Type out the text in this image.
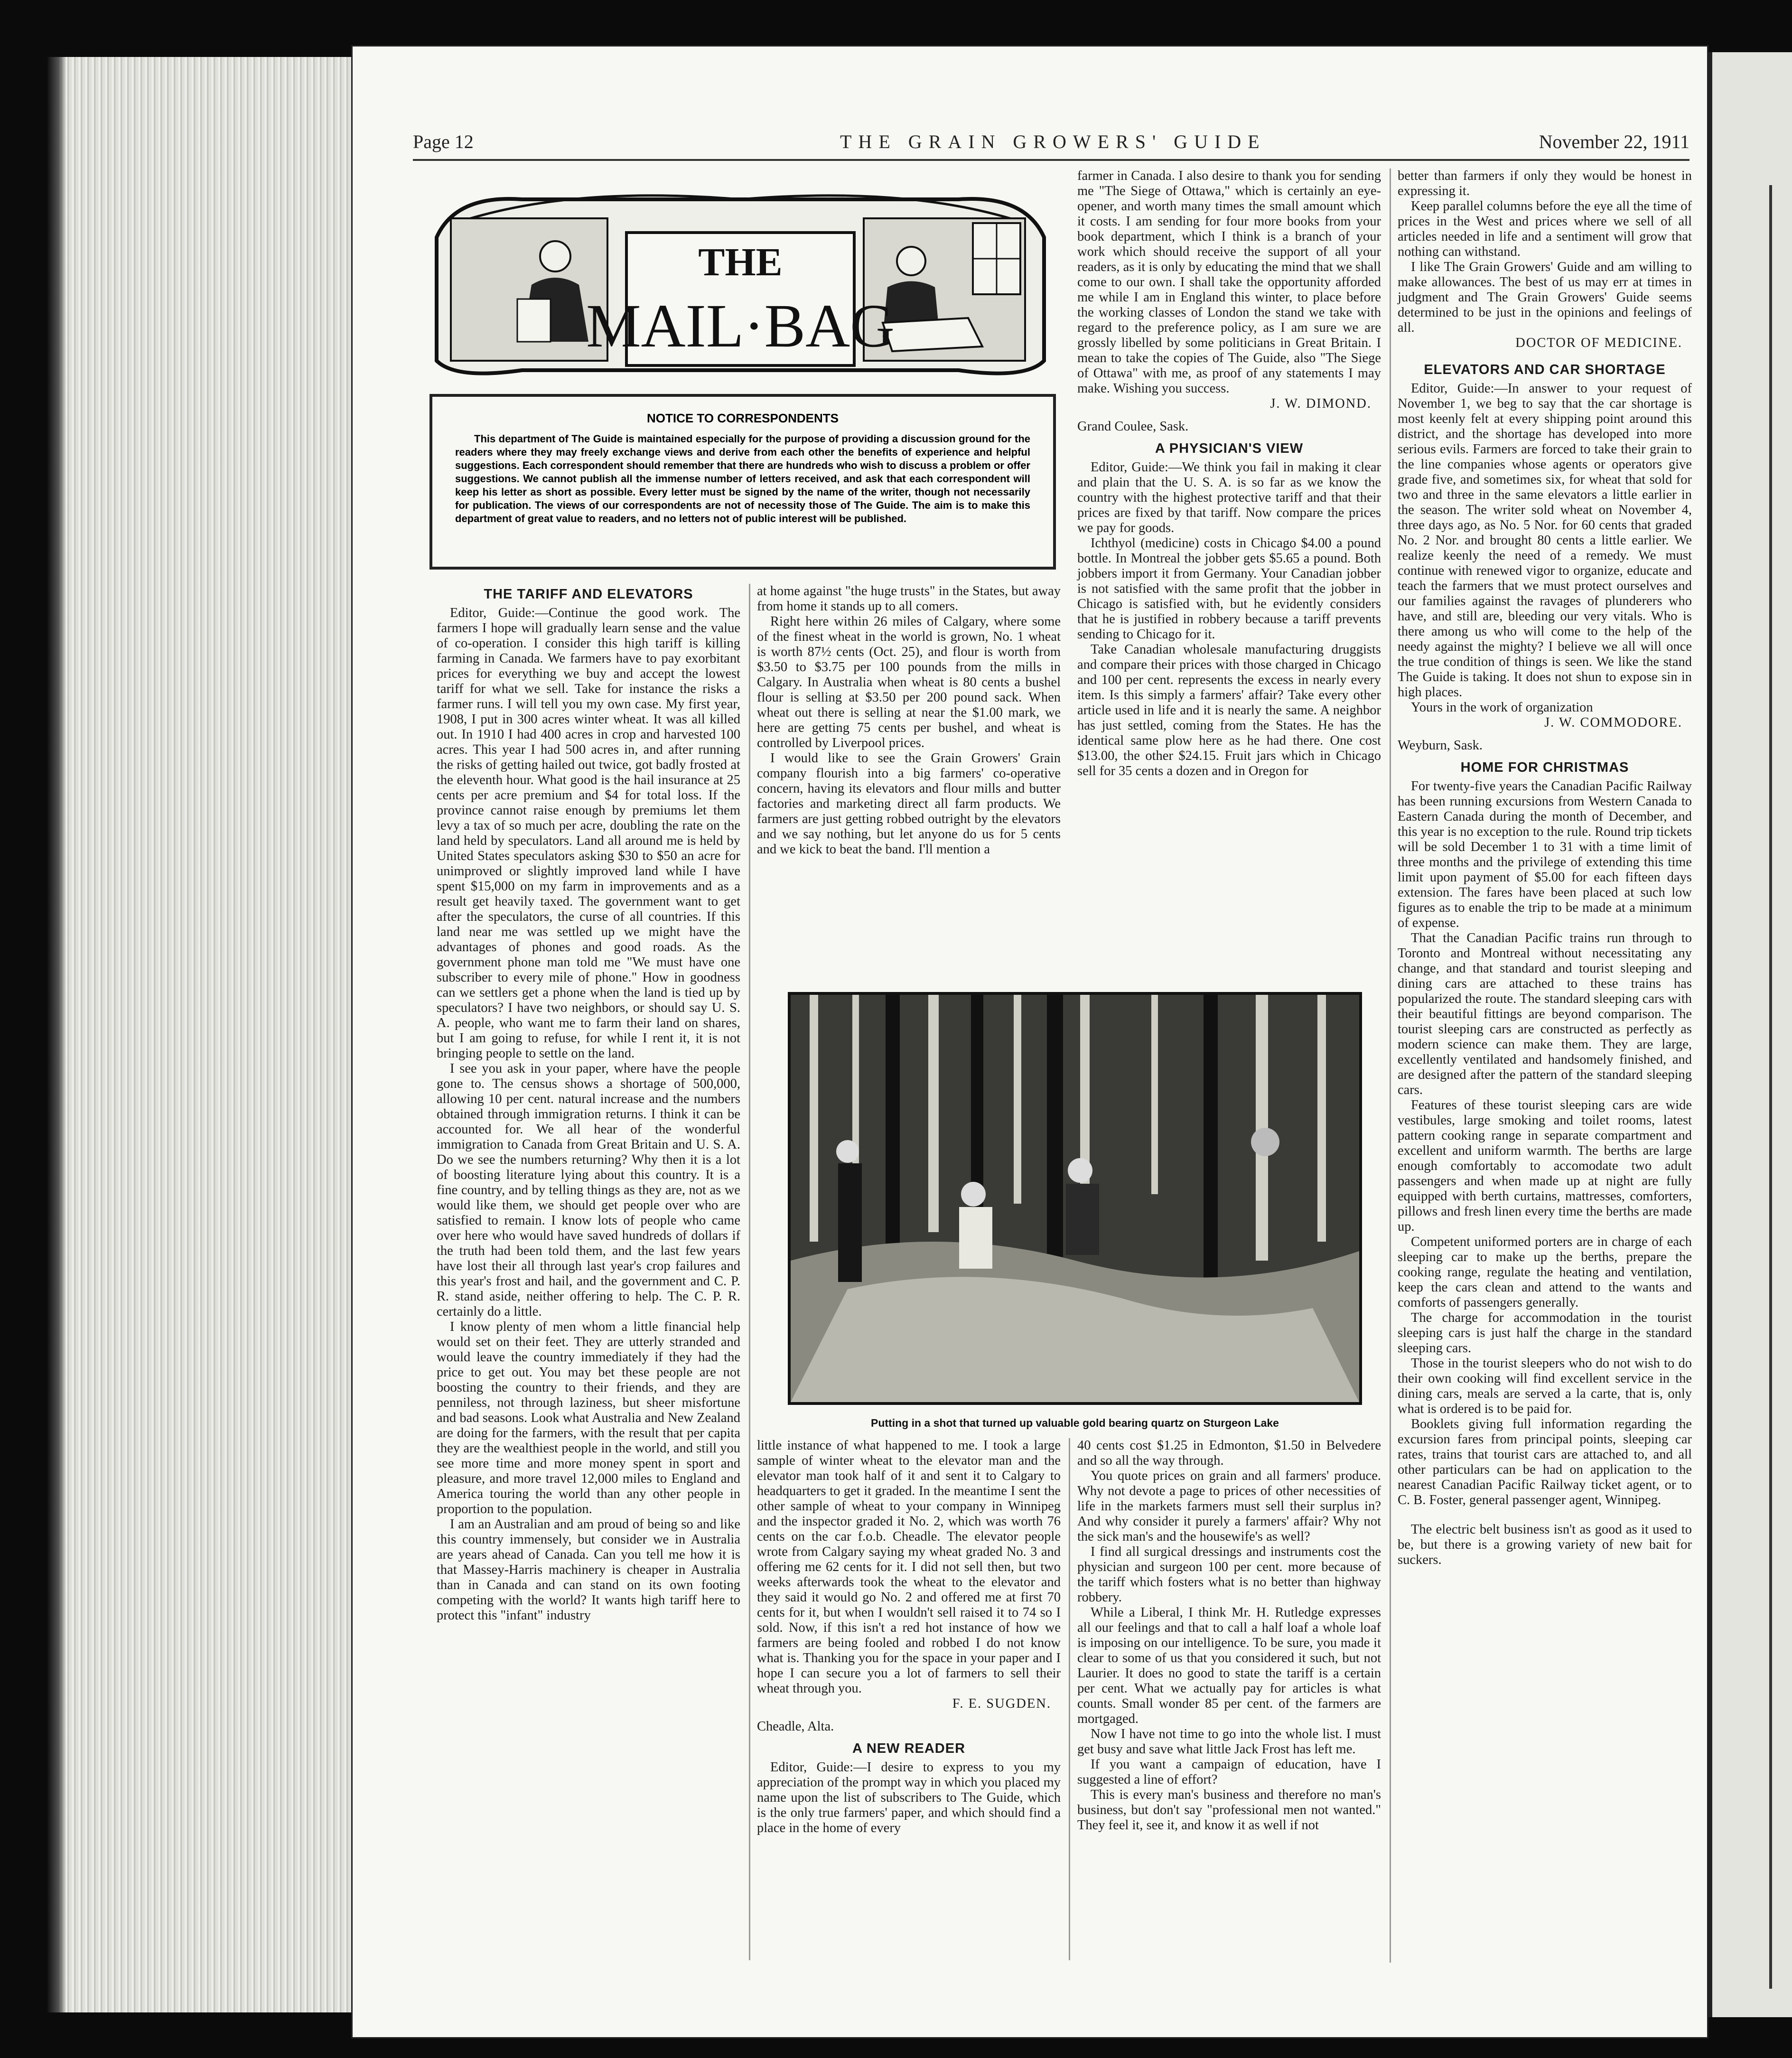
Page 12	THE GRAIN GROWERS' GUIDE	November 22, 1911
THE
MAIL·BAG
NOTICE TO CORRESPONDENTS

This department of The Guide is maintained especially for the purpose of providing a discussion ground for the readers where they may freely exchange views and derive from each other the benefits of experience and helpful suggestions. Each correspondent should remember that there are hundreds who wish to discuss a problem or offer suggestions. We cannot publish all the immense number of letters received, and ask that each correspondent will keep his letter as short as possible. Every letter must be signed by the name of the writer, though not necessarily for publication. The views of our correspondents are not of necessity those of The Guide. The aim is to make this department of great value to readers, and no letters not of public interest will be published.

THE TARIFF AND ELEVATORS

Editor, Guide:—Continue the good work. The farmers I hope will gradually learn sense and the value of co-operation. I consider this high tariff is killing farming in Canada. We farmers have to pay exorbitant prices for everything we buy and accept the lowest tariff for what we sell. Take for instance the risks a farmer runs. I will tell you my own case. My first year, 1908, I put in 300 acres winter wheat. It was all killed out. In 1910 I had 400 acres in crop and harvested 100 acres. This year I had 500 acres in, and after running the risks of getting hailed out twice, got badly frosted at the eleventh hour. What good is the hail insurance at 25 cents per acre premium and $4 for total loss. If the province cannot raise enough by premiums let them levy a tax of so much per acre, doubling the rate on the land held by speculators. Land all around me is held by United States speculators asking $30 to $50 an acre for unimproved or slightly improved land while I have spent $15,000 on my farm in improvements and as a result get heavily taxed. The government want to get after the speculators, the curse of all countries. If this land near me was settled up we might have the advantages of phones and good roads. As the government phone man told me "We must have one subscriber to every mile of phone." How in goodness can we settlers get a phone when the land is tied up by speculators? I have two neighbors, or should say U. S. A. people, who want me to farm their land on shares, but I am going to refuse, for while I rent it, it is not bringing people to settle on the land.

I see you ask in your paper, where have the people gone to. The census shows a shortage of 500,000, allowing 10 per cent. natural increase and the numbers obtained through immigration returns. I think it can be accounted for. We all hear of the wonderful immigration to Canada from Great Britain and U. S. A. Do we see the numbers returning? Why then it is a lot of boosting literature lying about this country. It is a fine country, and by telling things as they are, not as we would like them, we should get people over who are satisfied to remain. I know lots of people who came over here who would have saved hundreds of dollars if the truth had been told them, and the last few years have lost their all through last year's crop failures and this year's frost and hail, and the government and C. P. R. stand aside, neither offering to help. The C. P. R. certainly do a little.

I know plenty of men whom a little financial help would set on their feet. They are utterly stranded and would leave the country immediately if they had the price to get out. You may bet these people are not boosting the country to their friends, and they are penniless, not through laziness, but sheer misfortune and bad seasons. Look what Australia and New Zealand are doing for the farmers, with the result that per capita they are the wealthiest people in the world, and still you see more time and more money spent in sport and pleasure, and more travel 12,000 miles to England and America touring the world than any other people in proportion to the population.

I am an Australian and am proud of being so and like this country immensely, but consider we in Australia are years ahead of Canada. Can you tell me how it is that Massey-Harris machinery is cheaper in Australia than in Canada and can stand on its own footing competing with the world? It wants high tariff here to protect this "infant" industry

at home against "the huge trusts" in the States, but away from home it stands up to all comers.

Right here within 26 miles of Calgary, where some of the finest wheat in the world is grown, No. 1 wheat is worth 87½ cents (Oct. 25), and flour is worth from $3.50 to $3.75 per 100 pounds from the mills in Calgary. In Australia when wheat is 80 cents a bushel flour is selling at $3.50 per 200 pound sack. When wheat out there is selling at near the $1.00 mark, we here are getting 75 cents per bushel, and wheat is controlled by Liverpool prices.

I would like to see the Grain Growers' Grain company flourish into a big farmers' co-operative concern, having its elevators and flour mills and butter factories and marketing direct all farm products. We farmers are just getting robbed outright by the elevators and we say nothing, but let anyone do us for 5 cents and we kick to beat the band. I'll mention a

Putting in a shot that turned up valuable gold bearing quartz on Sturgeon Lake

little instance of what happened to me. I took a large sample of winter wheat to the elevator man and the elevator man took half of it and sent it to Calgary to headquarters to get it graded. In the meantime I sent the other sample of wheat to your company in Winnipeg and the inspector graded it No. 2, which was worth 76 cents on the car f.o.b. Cheadle. The elevator people wrote from Calgary saying my wheat graded No. 3 and offering me 62 cents for it. I did not sell then, but two weeks afterwards took the wheat to the elevator and they said it would go No. 2 and offered me at first 70 cents for it, but when I wouldn't sell raised it to 74 so I sold. Now, if this isn't a red hot instance of how we farmers are being fooled and robbed I do not know what is. Thanking you for the space in your paper and I hope I can secure you a lot of farmers to sell their wheat through you.

F. E. SUGDEN.

Cheadle, Alta.

A NEW READER

Editor, Guide:—I desire to express to you my appreciation of the prompt way in which you placed my name upon the list of subscribers to The Guide, which is the only true farmers' paper, and which should find a place in the home of every

farmer in Canada. I also desire to thank you for sending me "The Siege of Ottawa," which is certainly an eye-opener, and worth many times the small amount which it costs. I am sending for four more books from your book department, which I think is a branch of your work which should receive the support of all your readers, as it is only by educating the mind that we shall come to our own. I shall take the opportunity afforded me while I am in England this winter, to place before the working classes of London the stand we take with regard to the preference policy, as I am sure we are grossly libelled by some politicians in Great Britain. I mean to take the copies of The Guide, also "The Siege of Ottawa" with me, as proof of any statements I may make. Wishing you success.

J. W. DIMOND.

Grand Coulee, Sask.

A PHYSICIAN'S VIEW

Editor, Guide:—We think you fail in making it clear and plain that the U. S. A. is so far as we know the country with the highest protective tariff and that their prices are fixed by that tariff. Now compare the prices we pay for goods.

Ichthyol (medicine) costs in Chicago $4.00 a pound bottle. In Montreal the jobber gets $5.65 a pound. Both jobbers import it from Germany. Your Canadian jobber is not satisfied with the same profit that the jobber in Chicago is satisfied with, but he evidently considers that he is justified in robbery because a tariff prevents sending to Chicago for it.

Take Canadian wholesale manufacturing druggists and compare their prices with those charged in Chicago and 100 per cent. represents the excess in nearly every item. Is this simply a farmers' affair? Take every other article used in life and it is nearly the same. A neighbor has just settled, coming from the States. He has the identical same plow here as he had there. One cost $13.00, the other $24.15. Fruit jars which in Chicago sell for 35 cents a dozen and in Oregon for

40 cents cost $1.25 in Edmonton, $1.50 in Belvedere and so all the way through.

You quote prices on grain and all farmers' produce. Why not devote a page to prices of other necessities of life in the markets farmers must sell their surplus in? And why consider it purely a farmers' affair? Why not the sick man's and the housewife's as well?

I find all surgical dressings and instruments cost the physician and surgeon 100 per cent. more because of the tariff which fosters what is no better than highway robbery.

While a Liberal, I think Mr. H. Rutledge expresses all our feelings and that to call a half loaf a whole loaf is imposing on our intelligence. To be sure, you made it clear to some of us that you considered it such, but not Laurier. It does no good to state the tariff is a certain per cent. What we actually pay for articles is what counts. Small wonder 85 per cent. of the farmers are mortgaged.

Now I have not time to go into the whole list. I must get busy and save what little Jack Frost has left me.

If you want a campaign of education, have I suggested a line of effort?

This is every man's business and therefore no man's business, but don't say "professional men not wanted." They feel it, see it, and know it as well if not

better than farmers if only they would be honest in expressing it.

Keep parallel columns before the eye all the time of prices in the West and prices where we sell of all articles needed in life and a sentiment will grow that nothing can withstand.

I like The Grain Growers' Guide and am willing to make allowances. The best of us may err at times in judgment and The Grain Growers' Guide seems determined to be just in the opinions and feelings of all.

DOCTOR OF MEDICINE.

ELEVATORS AND CAR SHORTAGE

Editor, Guide:—In answer to your request of November 1, we beg to say that the car shortage is most keenly felt at every shipping point around this district, and the shortage has developed into more serious evils. Farmers are forced to take their grain to the line companies whose agents or operators give grade five, and sometimes six, for wheat that sold for two and three in the same elevators a little earlier in the season. The writer sold wheat on November 4, three days ago, as No. 5 Nor. for 60 cents that graded No. 2 Nor. and brought 80 cents a little earlier. We realize keenly the need of a remedy. We must continue with renewed vigor to organize, educate and teach the farmers that we must protect ourselves and our families against the ravages of plunderers who have, and still are, bleeding our very vitals. Who is there among us who will come to the help of the needy against the mighty? I believe we all will once the true condition of things is seen. We like the stand The Guide is taking. It does not shun to expose sin in high places.

Yours in the work of organization

J. W. COMMODORE.

Weyburn, Sask.

HOME FOR CHRISTMAS

For twenty-five years the Canadian Pacific Railway has been running excursions from Western Canada to Eastern Canada during the month of December, and this year is no exception to the rule. Round trip tickets will be sold December 1 to 31 with a time limit of three months and the privilege of extending this time limit upon payment of $5.00 for each fifteen days extension. The fares have been placed at such low figures as to enable the trip to be made at a minimum of expense.

That the Canadian Pacific trains run through to Toronto and Montreal without necessitating any change, and that standard and tourist sleeping and dining cars are attached to these trains has popularized the route. The standard sleeping cars with their beautiful fittings are beyond comparison. The tourist sleeping cars are constructed as perfectly as modern science can make them. They are large, excellently ventilated and handsomely finished, and are designed after the pattern of the standard sleeping cars.

Features of these tourist sleeping cars are wide vestibules, large smoking and toilet rooms, latest pattern cooking range in separate compartment and excellent and uniform warmth. The berths are large enough comfortably to accomodate two adult passengers and when made up at night are fully equipped with berth curtains, mattresses, comforters, pillows and fresh linen every time the berths are made up.

Competent uniformed porters are in charge of each sleeping car to make up the berths, prepare the cooking range, regulate the heating and ventilation, keep the cars clean and attend to the wants and comforts of passengers generally.

The charge for accommodation in the tourist sleeping cars is just half the charge in the standard sleeping cars.

Those in the tourist sleepers who do not wish to do their own cooking will find excellent service in the dining cars, meals are served a la carte, that is, only what is ordered is to be paid for.

Booklets giving full information regarding the excursion fares from principal points, sleeping car rates, trains that tourist cars are attached to, and all other particulars can be had on application to the nearest Canadian Pacific Railway ticket agent, or to C. B. Foster, general passenger agent, Winnipeg.

The electric belt business isn't as good as it used to be, but there is a growing variety of new bait for suckers.
